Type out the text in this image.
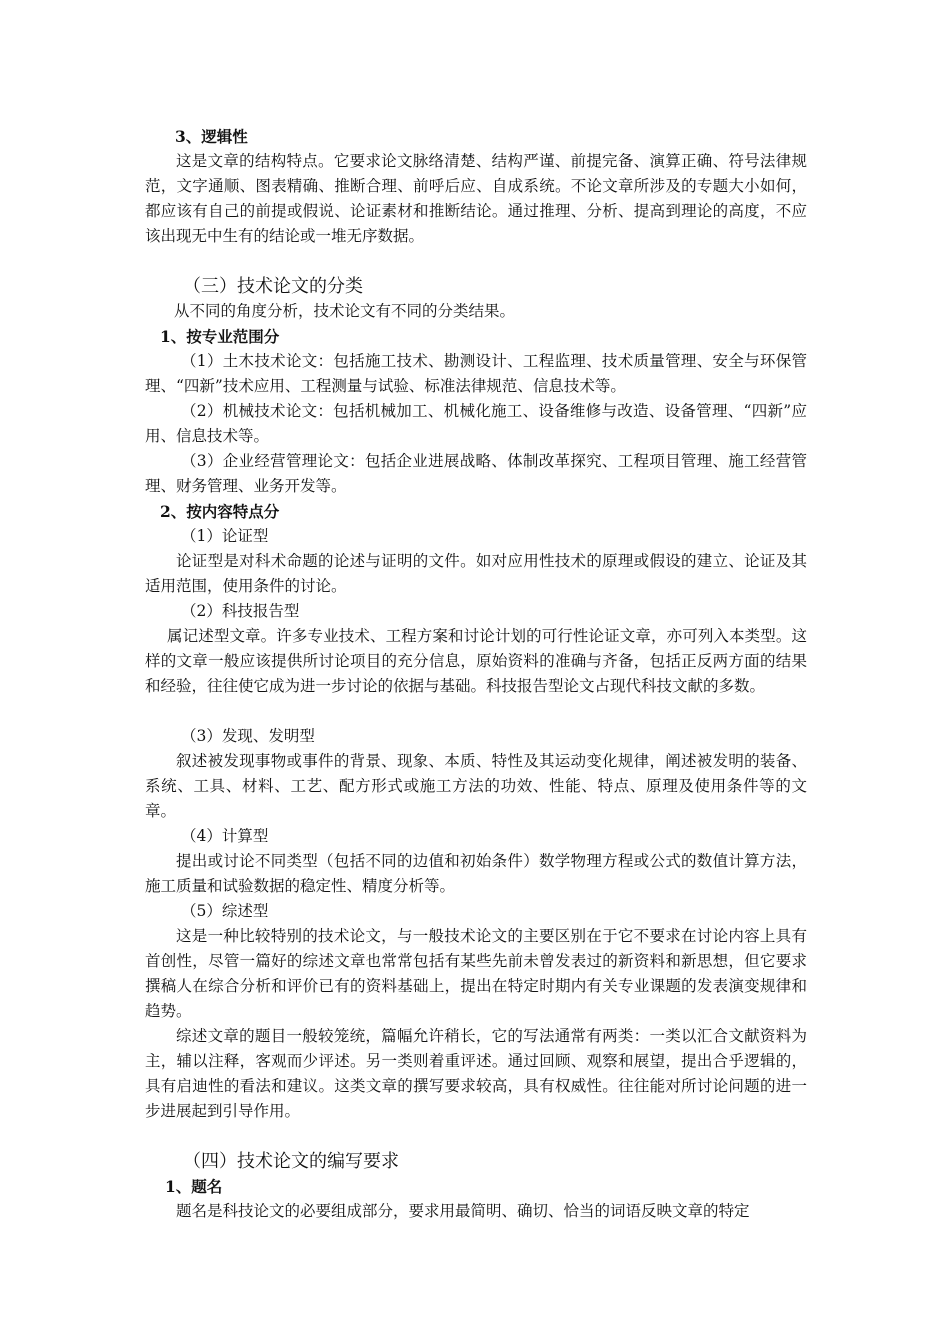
3、逻辑性

这是文章的结构特点。它要求论文脉络清楚、结构严谨、前提完备、演算正确、符号法律规范，文字通顺、图表精确、推断合理、前呼后应、自成系统。不论文章所涉及的专题大小如何，都应该有自己的前提或假说、论证素材和推断结论。通过推理、分析、提高到理论的高度，不应该出现无中生有的结论或一堆无序数据。

（三）技术论文的分类

从不同的角度分析，技术论文有不同的分类结果。

1、按专业范围分

（1）土木技术论文：包括施工技术、勘测设计、工程监理、技术质量管理、安全与环保管理、“四新”技术应用、工程测量与试验、标准法律规范、信息技术等。

（2）机械技术论文：包括机械加工、机械化施工、设备维修与改造、设备管理、“四新”应用、信息技术等。

（3）企业经营管理论文：包括企业进展战略、体制改革探究、工程项目管理、施工经营管理、财务管理、业务开发等。

2、按内容特点分

（1）论证型

论证型是对科术命题的论述与证明的文件。如对应用性技术的原理或假设的建立、论证及其适用范围，使用条件的讨论。

（2）科技报告型

属记述型文章。许多专业技术、工程方案和讨论计划的可行性论证文章，亦可列入本类型。这样的文章一般应该提供所讨论项目的充分信息，原始资料的准确与齐备，包括正反两方面的结果和经验，往往使它成为进一步讨论的依据与基础。科技报告型论文占现代科技文献的多数。

（3）发现、发明型

叙述被发现事物或事件的背景、现象、本质、特性及其运动变化规律，阐述被发明的装备、系统、工具、材料、工艺、配方形式或施工方法的功效、性能、特点、原理及使用条件等的文章。

（4）计算型

提出或讨论不同类型（包括不同的边值和初始条件）数学物理方程或公式的数值计算方法，施工质量和试验数据的稳定性、精度分析等。

（5）综述型

这是一种比较特别的技术论文，与一般技术论文的主要区别在于它不要求在讨论内容上具有首创性，尽管一篇好的综述文章也常常包括有某些先前未曾发表过的新资料和新思想，但它要求撰稿人在综合分析和评价已有的资料基础上，提出在特定时期内有关专业课题的发表演变规律和趋势。

综述文章的题目一般较笼统，篇幅允许稍长，它的写法通常有两类：一类以汇合文献资料为主，辅以注释，客观而少评述。另一类则着重评述。通过回顾、观察和展望，提出合乎逻辑的，具有启迪性的看法和建议。这类文章的撰写要求较高，具有权威性。往往能对所讨论问题的进一步进展起到引导作用。

（四）技术论文的编写要求

1、题名

题名是科技论文的必要组成部分，要求用最简明、确切、恰当的词语反映文章的特定
